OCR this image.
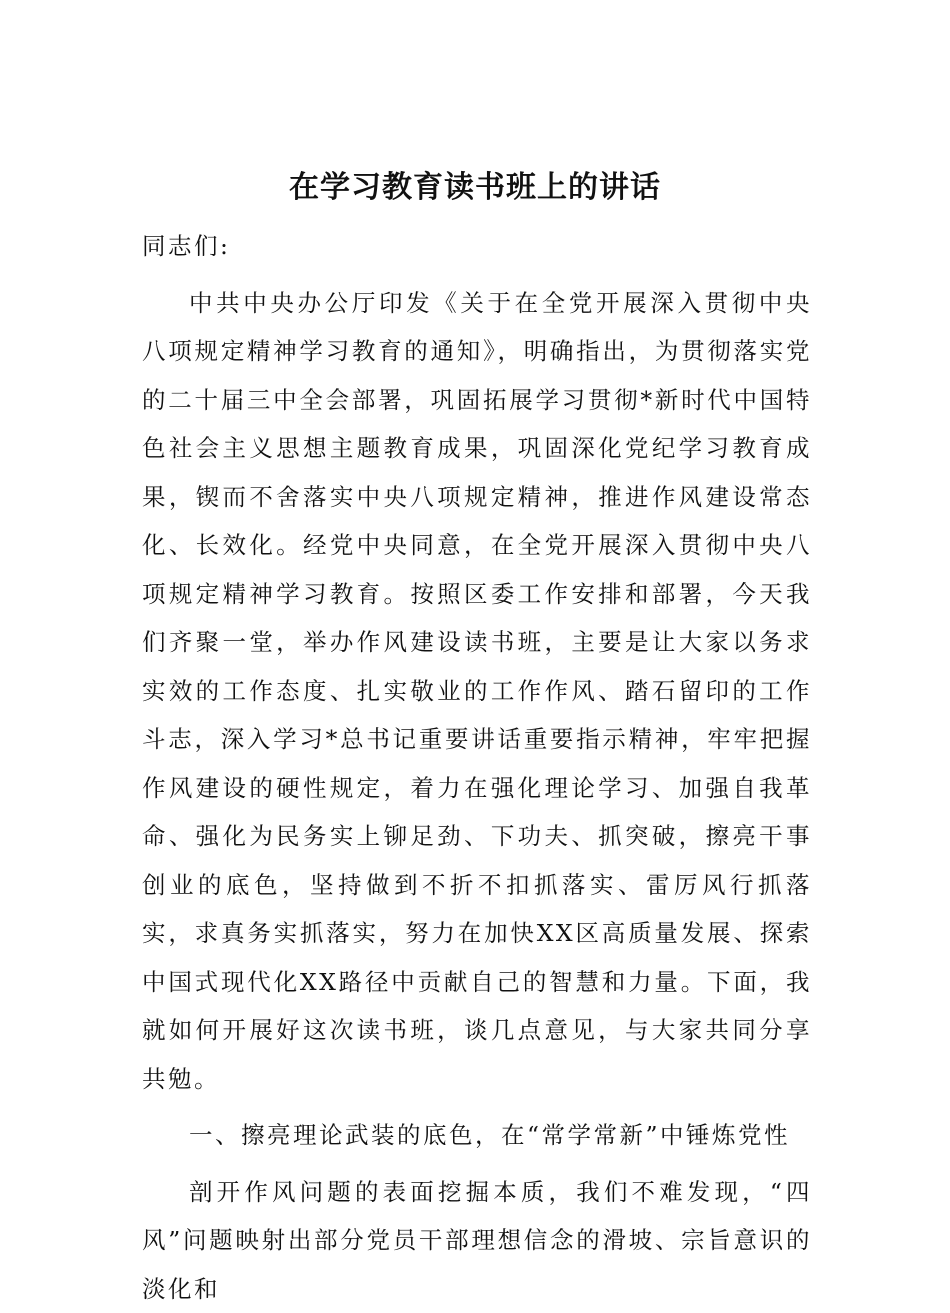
在学习教育读书班上的讲话

同志们:

中共中央办公厅印发《关于在全党开展深入贯彻中央八项规定精神学习教育的通知》，明确指出，为贯彻落实党的二十届三中全会部署，巩固拓展学习贯彻*新时代中国特色社会主义思想主题教育成果，巩固深化党纪学习教育成果，锲而不舍落实中央八项规定精神，推进作风建设常态化、长效化。经党中央同意，在全党开展深入贯彻中央八项规定精神学习教育。按照区委工作安排和部署，今天我们齐聚一堂，举办作风建设读书班，主要是让大家以务求实效的工作态度、扎实敬业的工作作风、踏石留印的工作斗志，深入学习*总书记重要讲话重要指示精神，牢牢把握作风建设的硬性规定，着力在强化理论学习、加强自我革命、强化为民务实上铆足劲、下功夫、抓突破，擦亮干事创业的底色，坚持做到不折不扣抓落实、雷厉风行抓落实，求真务实抓落实，努力在加快XX区高质量发展、探索中国式现代化XX路径中贡献自己的智慧和力量。下面，我就如何开展好这次读书班，谈几点意见，与大家共同分享共勉。

一、擦亮理论武装的底色，在“常学常新”中锤炼党性

剖开作风问题的表面挖掘本质，我们不难发现，“四风”问题映射出部分党员干部理想信念的滑坡、宗旨意识的淡化和
